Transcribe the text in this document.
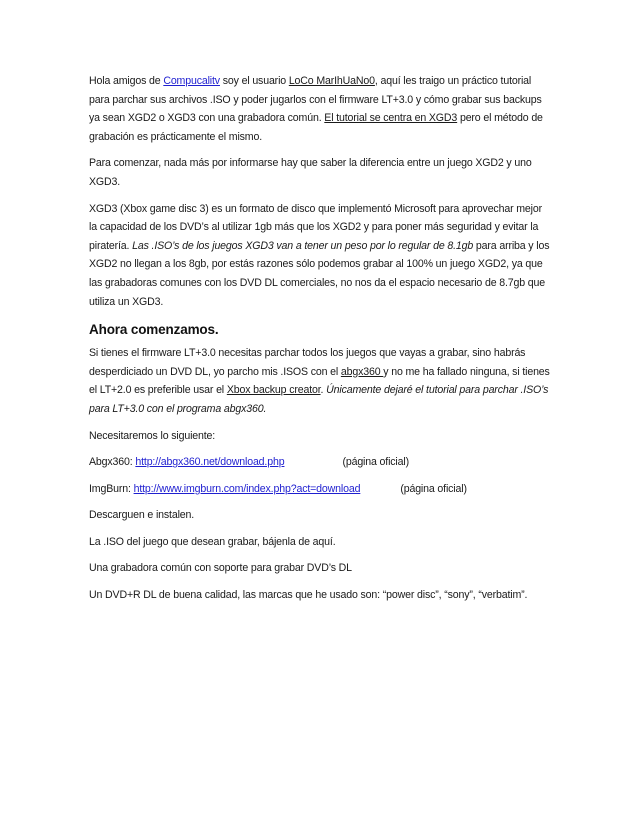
Hola amigos de Compucalitv soy el usuario LoCo MarIhUaNo0, aquí les traigo un práctico tutorial para parchar sus archivos .ISO y poder jugarlos con el firmware LT+3.0 y cómo grabar sus backups ya sean XGD2 o XGD3 con una grabadora común. El tutorial se centra en XGD3 pero el método de grabación es prácticamente el mismo.

Para comenzar, nada más por informarse hay que saber la diferencia entre un juego XGD2 y uno XGD3.

XGD3 (Xbox game disc 3) es un formato de disco que implementó Microsoft para aprovechar mejor la capacidad de los DVD’s al utilizar 1gb más que los XGD2 y para poner más seguridad y evitar la piratería. Las .ISO’s de los juegos XGD3 van a tener un peso por lo regular de 8.1gb para arriba y los XGD2 no llegan a los 8gb, por estás razones sólo podemos grabar al 100% un juego XGD2, ya que las grabadoras comunes con los DVD DL comerciales, no nos da el espacio necesario de 8.7gb que utiliza un XGD3.

Ahora comenzamos.

Si tienes el firmware LT+3.0 necesitas parchar todos los juegos que vayas a grabar, sino habrás desperdiciado un DVD DL, yo parcho mis .ISOS con el abgx360 y no me ha fallado ninguna, si tienes el LT+2.0 es preferible usar el Xbox backup creator. Únicamente dejaré el tutorial para parchar .ISO’s para LT+3.0 con el programa abgx360.

Necesitaremos lo siguiente:

Abgx360: http://abgx360.net/download.php	(página oficial)

ImgBurn: http://www.imgburn.com/index.php?act=download	(página oficial)

Descarguen e instalen.

La .ISO del juego que desean grabar, bájenla de aquí.

Una grabadora común con soporte para grabar DVD’s DL

Un DVD+R DL de buena calidad, las marcas que he usado son: “power disc”, “sony”, “verbatim”.
